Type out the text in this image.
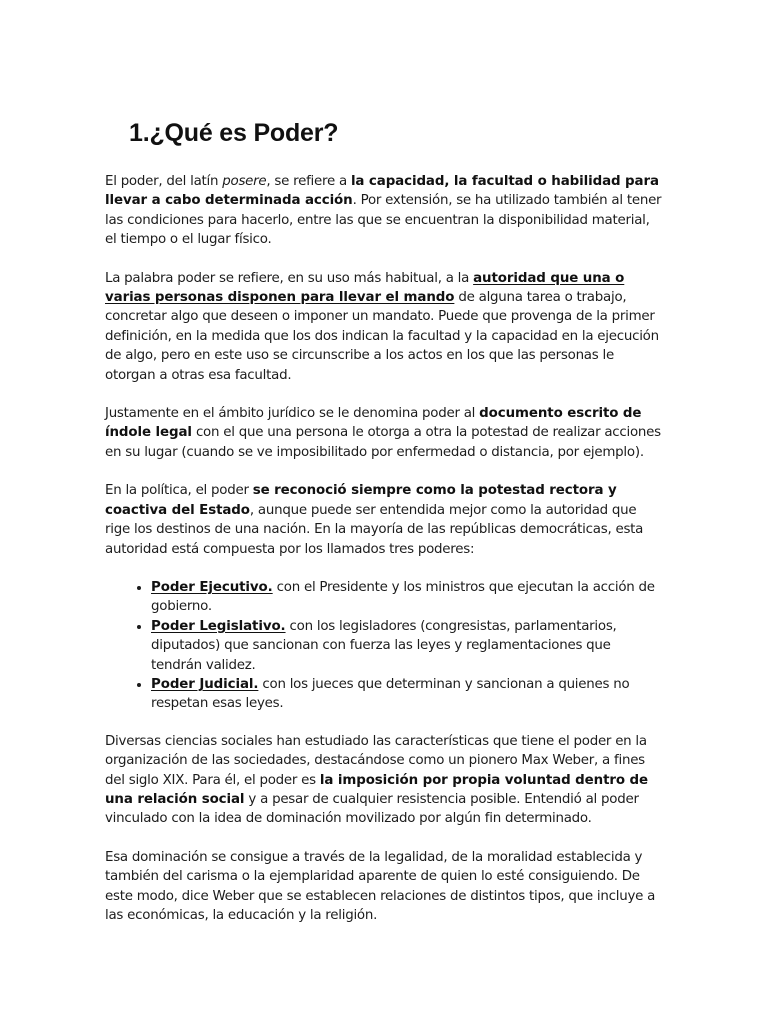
1.¿Qué es Poder?

El poder, del latín posere, se refiere a la capacidad, la facultad o habilidad para llevar a cabo determinada acción. Por extensión, se ha utilizado también al tener las condiciones para hacerlo, entre las que se encuentran la disponibilidad material, el tiempo o el lugar físico.

La palabra poder se refiere, en su uso más habitual, a la autoridad que una o varias personas disponen para llevar el mando de alguna tarea o trabajo, concretar algo que deseen o imponer un mandato. Puede que provenga de la primer definición, en la medida que los dos indican la facultad y la capacidad en la ejecución de algo, pero en este uso se circunscribe a los actos en los que las personas le otorgan a otras esa facultad.

Justamente en el ámbito jurídico se le denomina poder al documento escrito de índole legal con el que una persona le otorga a otra la potestad de realizar acciones en su lugar (cuando se ve imposibilitado por enfermedad o distancia, por ejemplo).

En la política, el poder se reconoció siempre como la potestad rectora y coactiva del Estado, aunque puede ser entendida mejor como la autoridad que rige los destinos de una nación. En la mayoría de las repúblicas democráticas, esta autoridad está compuesta por los llamados tres poderes:

• Poder Ejecutivo. con el Presidente y los ministros que ejecutan la acción de gobierno.
• Poder Legislativo. con los legisladores (congresistas, parlamentarios, diputados) que sancionan con fuerza las leyes y reglamentaciones que tendrán validez.
• Poder Judicial. con los jueces que determinan y sancionan a quienes no respetan esas leyes.

Diversas ciencias sociales han estudiado las características que tiene el poder en la organización de las sociedades, destacándose como un pionero Max Weber, a fines del siglo XIX. Para él, el poder es la imposición por propia voluntad dentro de una relación social y a pesar de cualquier resistencia posible. Entendió al poder vinculado con la idea de dominación movilizado por algún fin determinado.

Esa dominación se consigue a través de la legalidad, de la moralidad establecida y también del carisma o la ejemplaridad aparente de quien lo esté consiguiendo. De este modo, dice Weber que se establecen relaciones de distintos tipos, que incluye a las económicas, la educación y la religión.
